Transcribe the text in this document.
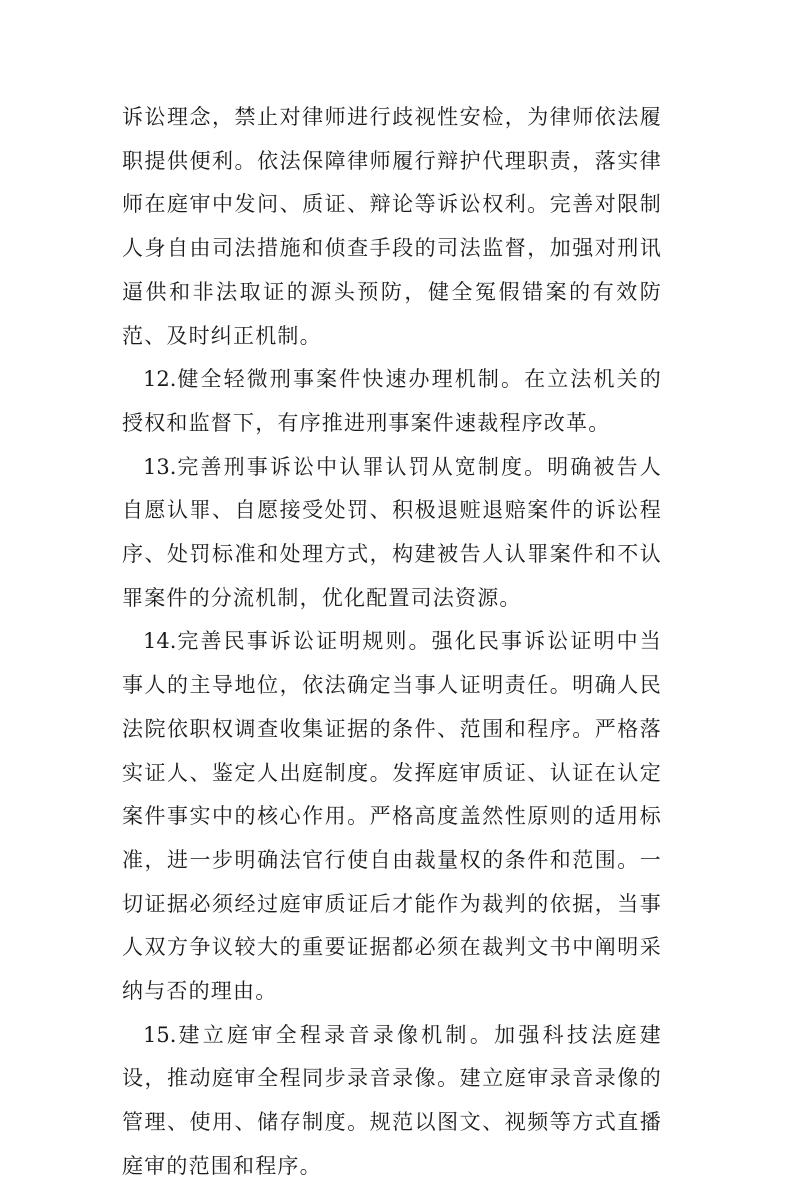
诉讼理念，禁止对律师进行歧视性安检，为律师依法履职提供便利。依法保障律师履行辩护代理职责，落实律师在庭审中发问、质证、辩论等诉讼权利。完善对限制人身自由司法措施和侦查手段的司法监督，加强对刑讯逼供和非法取证的源头预防，健全冤假错案的有效防范、及时纠正机制。

12.健全轻微刑事案件快速办理机制。在立法机关的授权和监督下，有序推进刑事案件速裁程序改革。

13.完善刑事诉讼中认罪认罚从宽制度。明确被告人自愿认罪、自愿接受处罚、积极退赃退赔案件的诉讼程序、处罚标准和处理方式，构建被告人认罪案件和不认罪案件的分流机制，优化配置司法资源。

14.完善民事诉讼证明规则。强化民事诉讼证明中当事人的主导地位，依法确定当事人证明责任。明确人民法院依职权调查收集证据的条件、范围和程序。严格落实证人、鉴定人出庭制度。发挥庭审质证、认证在认定案件事实中的核心作用。严格高度盖然性原则的适用标准，进一步明确法官行使自由裁量权的条件和范围。一切证据必须经过庭审质证后才能作为裁判的依据，当事人双方争议较大的重要证据都必须在裁判文书中阐明采纳与否的理由。

15.建立庭审全程录音录像机制。加强科技法庭建设，推动庭审全程同步录音录像。建立庭审录音录像的管理、使用、储存制度。规范以图文、视频等方式直播庭审的范围和程序。
